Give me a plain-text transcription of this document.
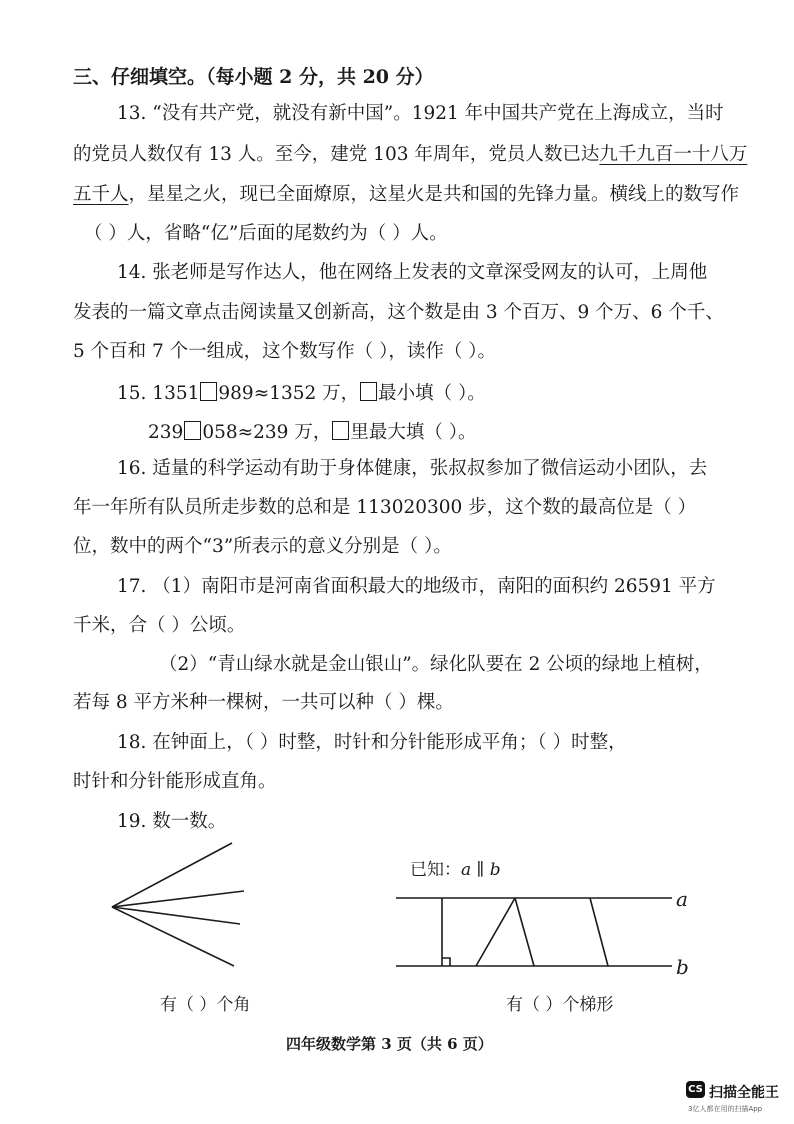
三、仔细填空。（每小题 2 分，共 20 分）
13. “没有共产党，就没有新中国”。1921 年中国共产党在上海成立，当时
的党员人数仅有 13 人。至今，建党 103 年周年，党员人数已达九千九百一十八万
五千人，星星之火，现已全面燎原，这星火是共和国的先锋力量。横线上的数写作
（ ）人，省略“亿”后面的尾数约为（ ）人。
14. 张老师是写作达人，他在网络上发表的文章深受网友的认可，上周他
发表的一篇文章点击阅读量又创新高，这个数是由 3 个百万、9 个万、6 个千、
5 个百和 7 个一组成，这个数写作（ ），读作（ ）。
15. 1351 989≈1352 万， 最小填（ ）。
239 058≈239 万， 里最大填（ ）。
16. 适量的科学运动有助于身体健康，张叔叔参加了微信运动小团队，去
年一年所有队员所走步数的总和是 113020300 步，这个数的最高位是（ ）
位，数中的两个“3”所表示的意义分别是（ ）。
17. （1）南阳市是河南省面积最大的地级市，南阳的面积约 26591 平方
千米，合（ ）公顷。
（2）“青山绿水就是金山银山”。绿化队要在 2 公顷的绿地上植树，
若每 8 平方米种一棵树，一共可以种（ ）棵。
18. 在钟面上，（ ）时整，时针和分针能形成平角；（ ）时整，
时针和分针能形成直角。
19. 数一数。
有（ ）个角
已知：a ∥ b
a
b
有（ ）个梯形
四年级数学第 3 页（共 6 页）
CS 扫描全能王
3亿人都在用的扫描App
